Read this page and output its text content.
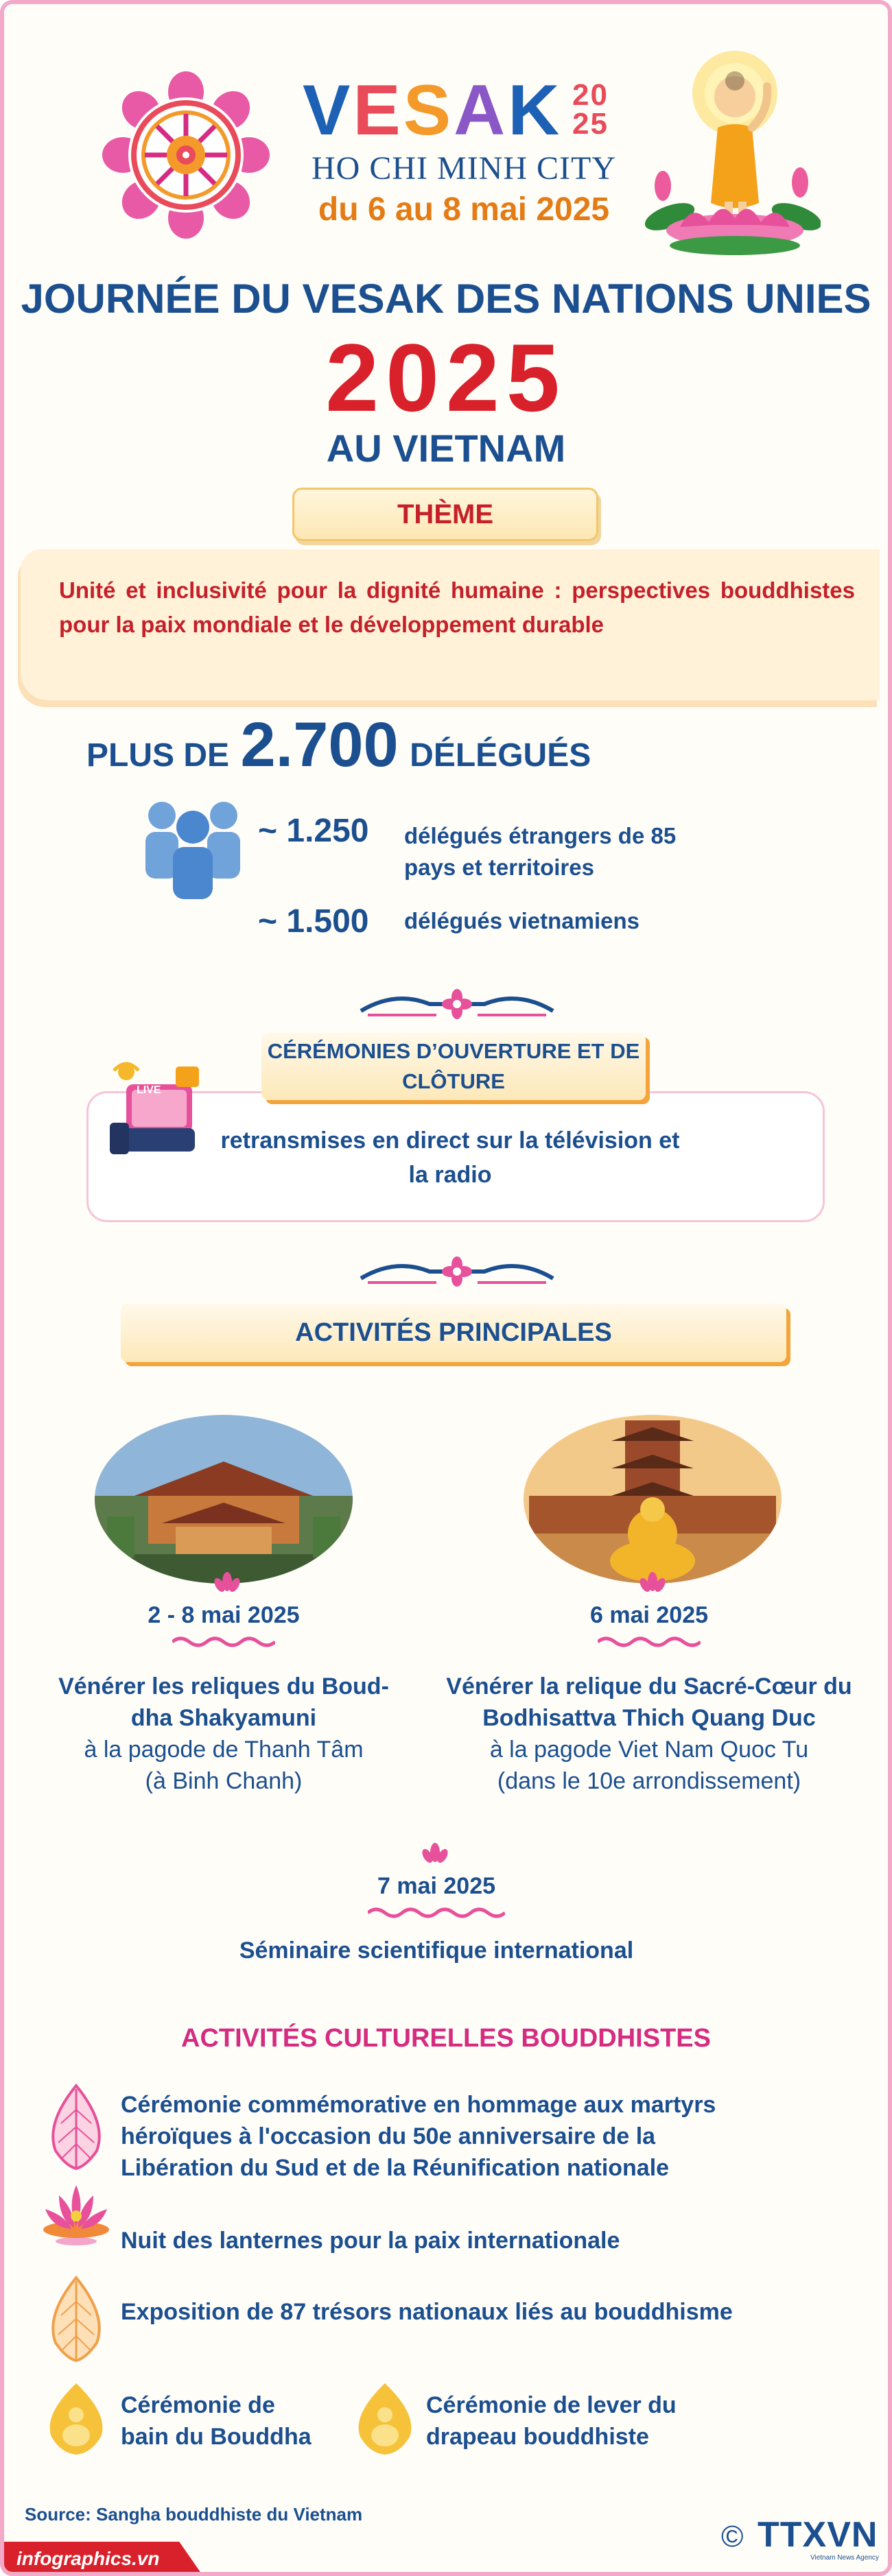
VESAK 20
25
HO CHI MINH CITY
du 6 au 8 mai 2025
JOURNÉE DU VESAK DES NATIONS UNIES
2025
AU VIETNAM
THÈME
Unité et inclusivité pour la dignité humaine : perspectives bouddhistes pour la paix mondiale et le développement durable
PLUS DE 2.700 DÉLÉGUÉS
~ 1.250 délégués étrangers de 85 pays et territoires
~ 1.500 délégués vietnamiens
CÉRÉMONIES D’OUVERTURE ET DE CLÔTURE
LIVE
retransmises en direct sur la télévision et la radio
ACTIVITÉS PRINCIPALES
2 - 8 mai 2025
Vénérer les reliques du Boud-
dha Shakyamuni
à la pagode de Thanh Tâm
(à Binh Chanh)
6 mai 2025
Vénérer la relique du Sacré-Cœur du
Bodhisattva Thich Quang Duc
à la pagode Viet Nam Quoc Tu
(dans le 10e arrondissement)
7 mai 2025
Séminaire scientifique international
ACTIVITÉS CULTURELLES BOUDDHISTES
Cérémonie commémorative en hommage aux martyrs
héroïques à l'occasion du 50e anniversaire de la
Libération du Sud et de la Réunification nationale
Nuit des lanternes pour la paix internationale
Exposition de 87 trésors nationaux liés au bouddhisme
Cérémonie de
bain du Bouddha
Cérémonie de lever du
drapeau bouddhiste
Source: Sangha bouddhiste du Vietnam
© TTXVN
Vietnam News Agency
infographics.vn
